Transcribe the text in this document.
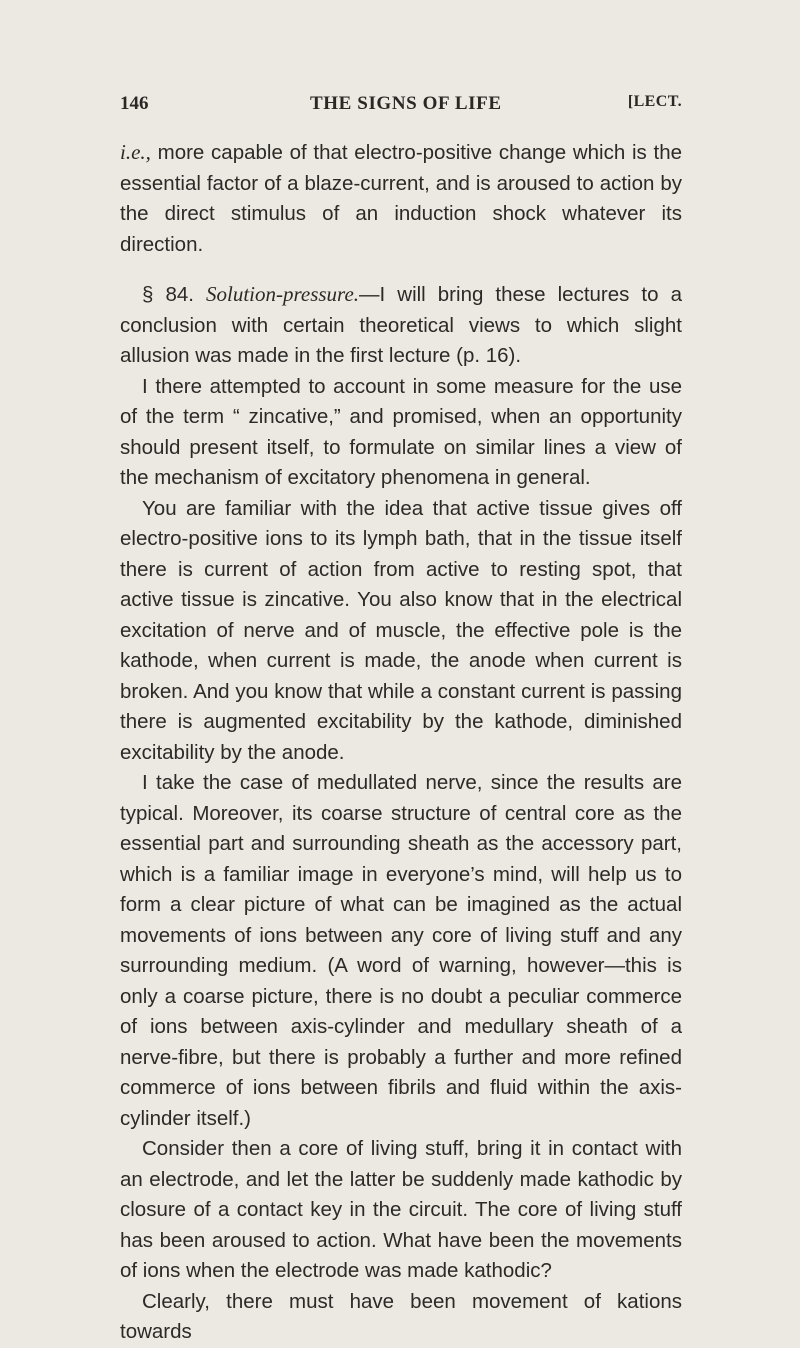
146	THE SIGNS OF LIFE	[LECT.

i.e., more capable of that electro-positive change which is the essential factor of a blaze-current, and is aroused to action by the direct stimulus of an induction shock whatever its direction.

§ 84. Solution-pressure.—I will bring these lectures to a conclusion with certain theoretical views to which slight allusion was made in the first lecture (p. 16).

I there attempted to account in some measure for the use of the term “ zincative,” and promised, when an opportunity should present itself, to formulate on similar lines a view of the mechanism of excitatory phenomena in general.

You are familiar with the idea that active tissue gives off electro-positive ions to its lymph bath, that in the tissue itself there is current of action from active to resting spot, that active tissue is zincative. You also know that in the electrical excitation of nerve and of muscle, the effective pole is the kathode, when current is made, the anode when current is broken. And you know that while a constant current is passing there is augmented excitability by the kathode, diminished excitability by the anode.

I take the case of medullated nerve, since the results are typical. Moreover, its coarse structure of central core as the essential part and surrounding sheath as the accessory part, which is a familiar image in everyone’s mind, will help us to form a clear picture of what can be imagined as the actual movements of ions between any core of living stuff and any surrounding medium. (A word of warning, however—this is only a coarse picture, there is no doubt a peculiar commerce of ions between axis-cylinder and medullary sheath of a nerve-fibre, but there is probably a further and more refined commerce of ions between fibrils and fluid within the axis-cylinder itself.)

Consider then a core of living stuff, bring it in contact with an electrode, and let the latter be suddenly made kathodic by closure of a contact key in the circuit. The core of living stuff has been aroused to action. What have been the movements of ions when the electrode was made kathodic?

Clearly, there must have been movement of kations towards
